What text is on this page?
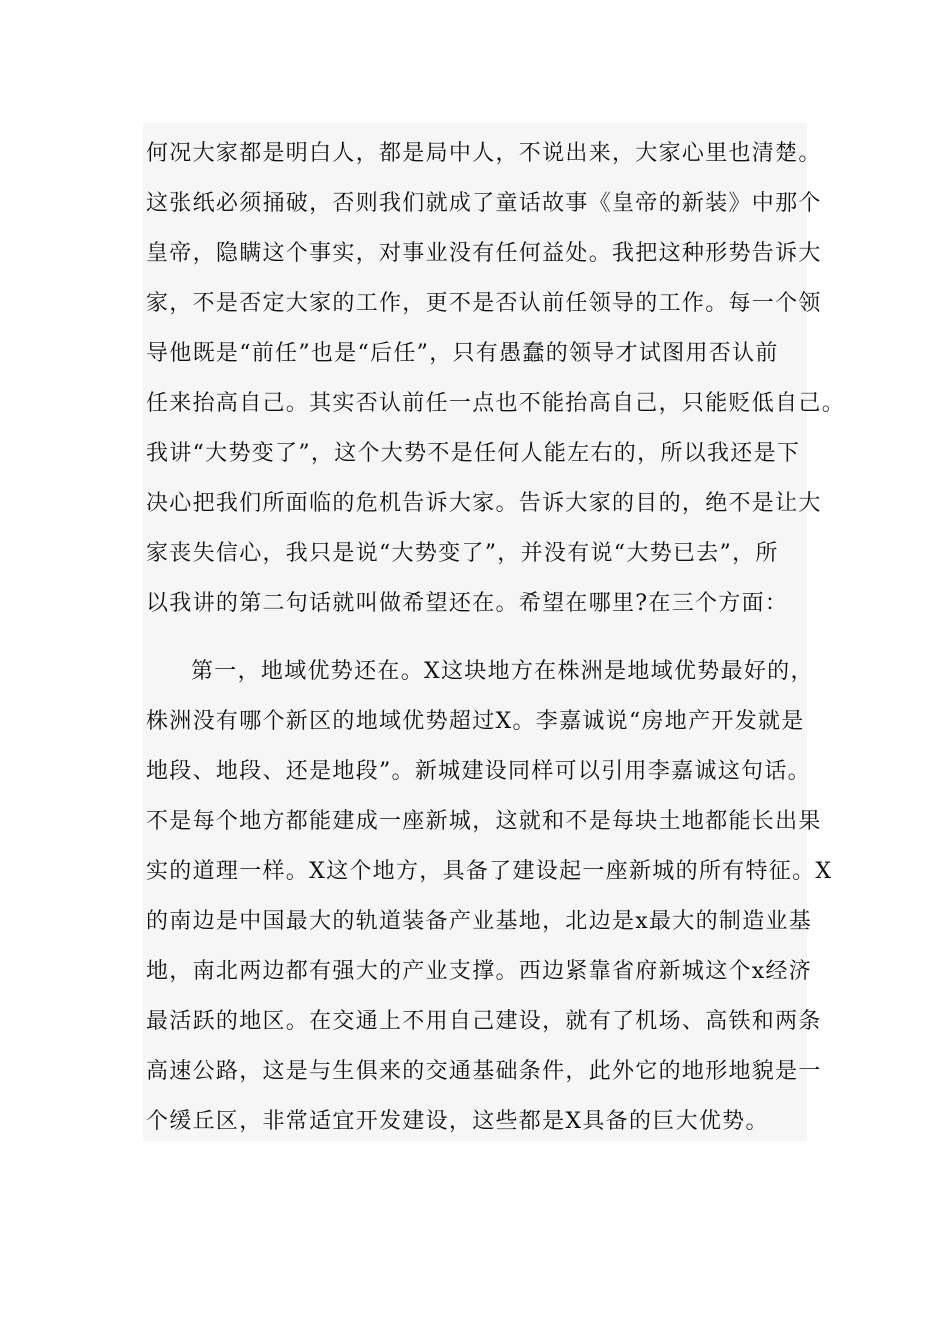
何况大家都是明白人，都是局中人，不说出来，大家心里也清楚。
这张纸必须捅破，否则我们就成了童话故事《皇帝的新装》中那个
皇帝，隐瞒这个事实，对事业没有任何益处。我把这种形势告诉大
家，不是否定大家的工作，更不是否认前任领导的工作。每一个领
导他既是“前任”也是“后任”，只有愚蠢的领导才试图用否认前
任来抬高自己。其实否认前任一点也不能抬高自己，只能贬低自己。
我讲“大势变了”，这个大势不是任何人能左右的，所以我还是下
决心把我们所面临的危机告诉大家。告诉大家的目的，绝不是让大
家丧失信心，我只是说“大势变了”，并没有说“大势已去”，所
以我讲的第二句话就叫做希望还在。希望在哪里?在三个方面：
第一，地域优势还在。X这块地方在株洲是地域优势最好的，
株洲没有哪个新区的地域优势超过X。李嘉诚说“房地产开发就是
地段、地段、还是地段”。新城建设同样可以引用李嘉诚这句话。
不是每个地方都能建成一座新城，这就和不是每块土地都能长出果
实的道理一样。X这个地方，具备了建设起一座新城的所有特征。X
的南边是中国最大的轨道装备产业基地，北边是x最大的制造业基
地，南北两边都有强大的产业支撑。西边紧靠省府新城这个x经济
最活跃的地区。在交通上不用自己建设，就有了机场、高铁和两条
高速公路，这是与生俱来的交通基础条件，此外它的地形地貌是一
个缓丘区，非常适宜开发建设，这些都是X具备的巨大优势。
